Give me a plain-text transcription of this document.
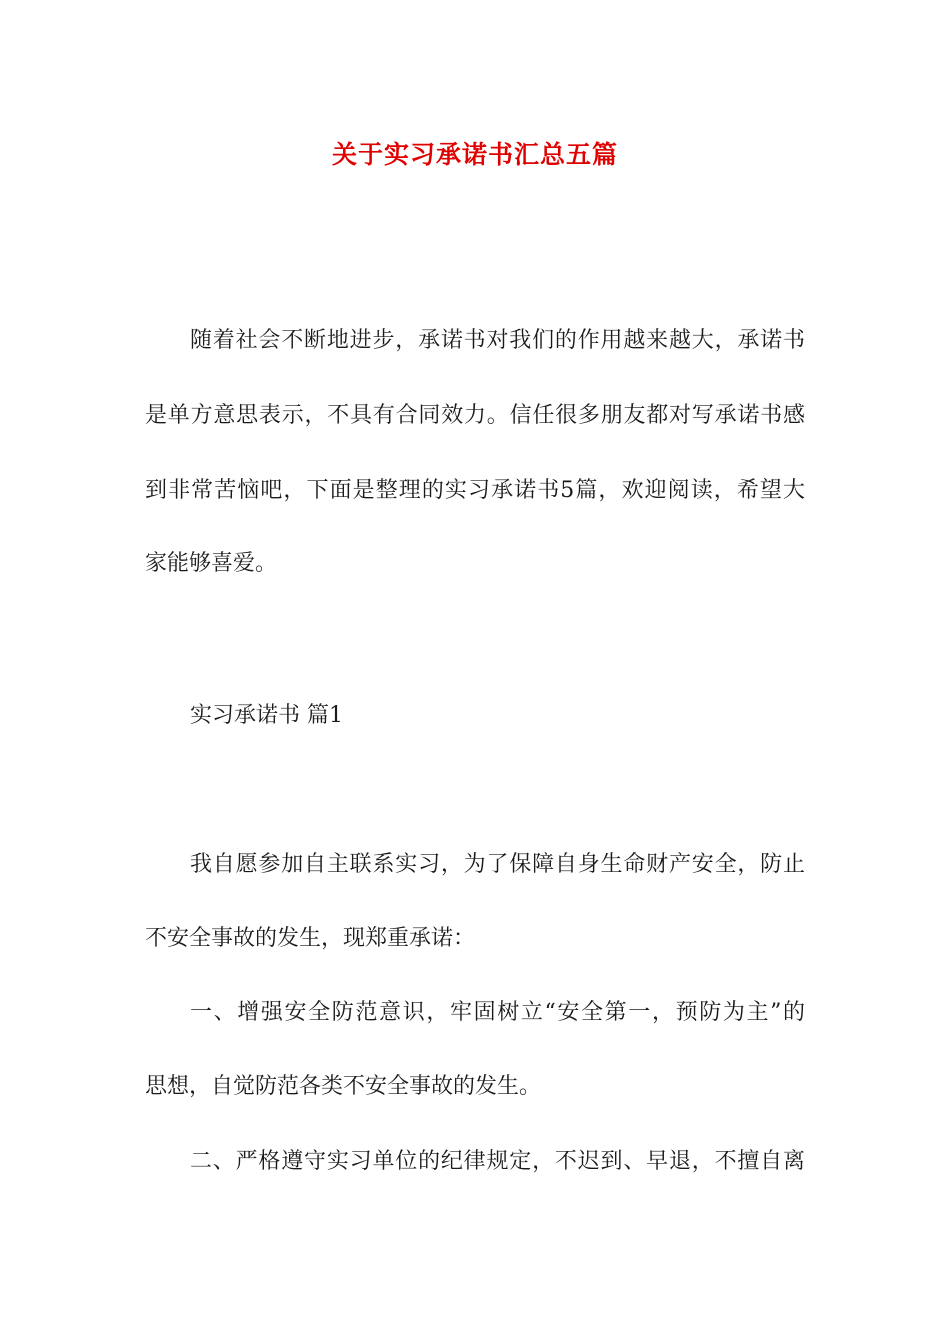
关于实习承诺书汇总五篇
随着社会不断地进步，承诺书对我们的作用越来越大，承诺书
是单方意思表示，不具有合同效力。信任很多朋友都对写承诺书感
到非常苦恼吧，下面是整理的实习承诺书5篇，欢迎阅读，希望大
家能够喜爱。
实习承诺书 篇1
我自愿参加自主联系实习，为了保障自身生命财产安全，防止
不安全事故的发生，现郑重承诺：
一、增强安全防范意识，牢固树立“安全第一，预防为主”的
思想，自觉防范各类不安全事故的发生。
二、严格遵守实习单位的纪律规定，不迟到、早退，不擅自离
